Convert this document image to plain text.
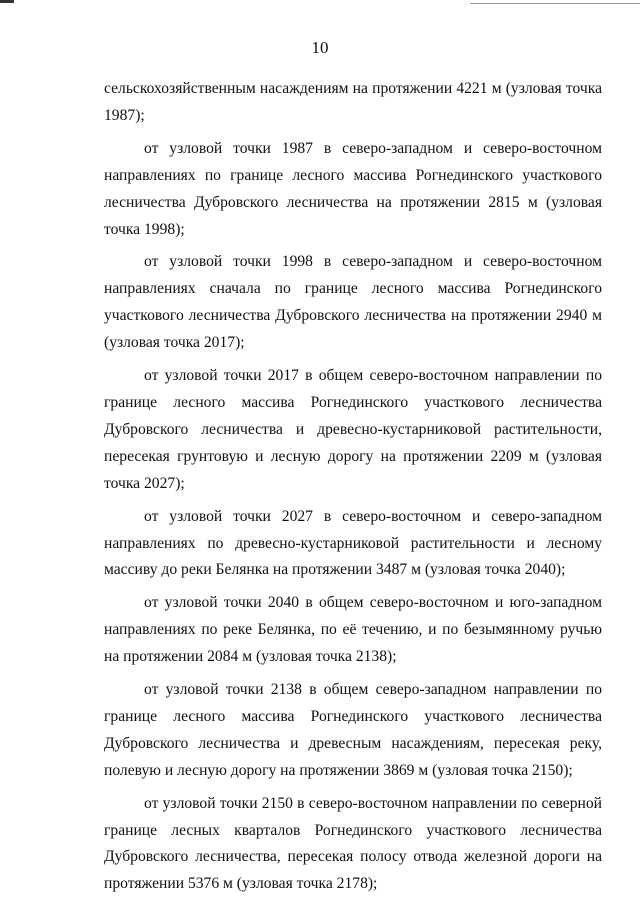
10

сельскохозяйственным насаждениям на протяжении 4221 м (узловая точка 1987);

от узловой точки 1987 в северо-западном и северо-восточном направлениях по границе лесного массива Рогнединского участкового лесничества Дубровского лесничества на протяжении 2815 м (узловая точка 1998);

от узловой точки 1998 в северо-западном и северо-восточном направлениях сначала по границе лесного массива Рогнединского участкового лесничества Дубровского лесничества на протяжении 2940 м (узловая точка 2017);

от узловой точки 2017 в общем северо-восточном направлении по границе лесного массива Рогнединского участкового лесничества Дубровского лесничества и древесно-кустарниковой растительности, пересекая грунтовую и лесную дорогу на протяжении 2209 м (узловая точка 2027);

от узловой точки 2027 в северо-восточном и северо-западном направлениях по древесно-кустарниковой растительности и лесному массиву до реки Белянка на протяжении 3487 м (узловая точка 2040);

от узловой точки 2040 в общем северо-восточном и юго-западном направлениях по реке Белянка, по её течению, и по безымянному ручью на протяжении 2084 м (узловая точка 2138);

от узловой точки 2138 в общем северо-западном направлении по границе лесного массива Рогнединского участкового лесничества Дубровского лесничества и древесным насаждениям, пересекая реку, полевую и лесную дорогу на протяжении 3869 м (узловая точка 2150);

от узловой точки 2150 в северо-восточном направлении по северной границе лесных кварталов Рогнединского участкового лесничества Дубровского лесничества, пересекая полосу отвода железной дороги на протяжении 5376 м (узловая точка 2178);
